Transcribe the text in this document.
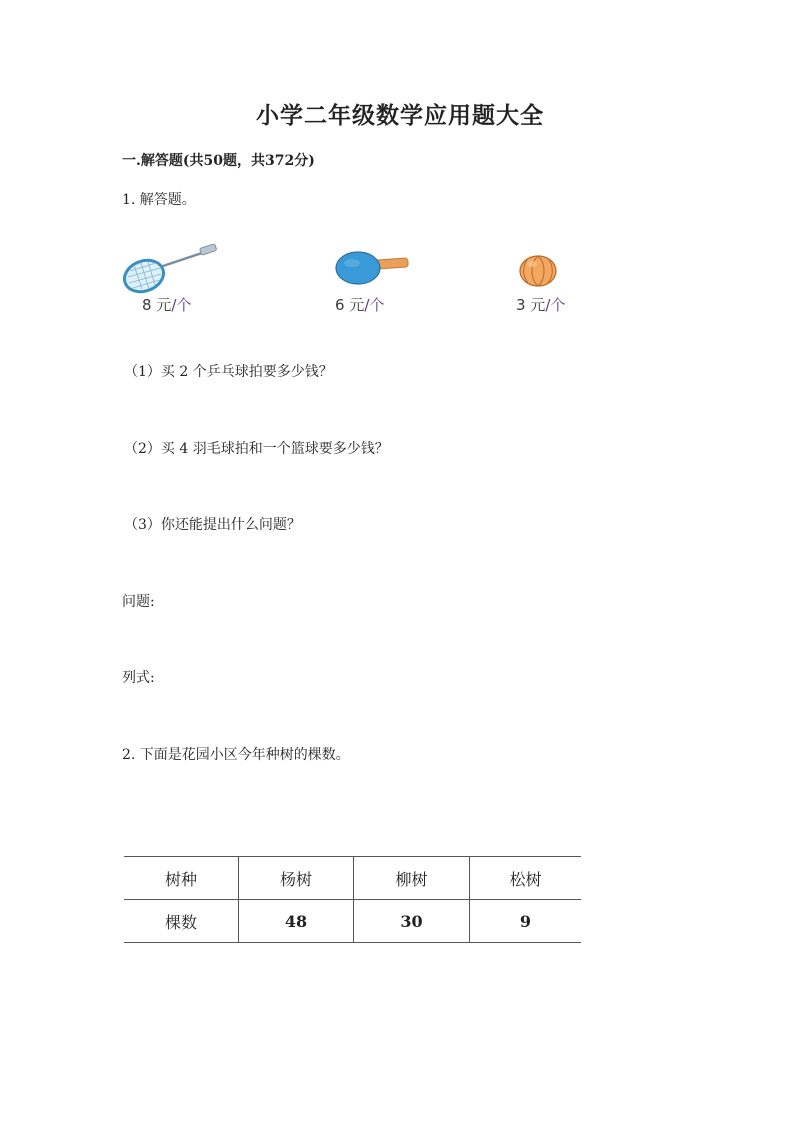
小学二年级数学应用题大全
一.解答题(共50题，共372分)
1. 解答题。
8 元/个	6 元/个	3 元/个
（1）买 2 个乒乓球拍要多少钱？
（2）买 4 羽毛球拍和一个篮球要多少钱？
（3）你还能提出什么问题？
问题:
列式:
2. 下面是花园小区今年种树的棵数。
树种	杨树	柳树	松树
棵数	48	30	9
